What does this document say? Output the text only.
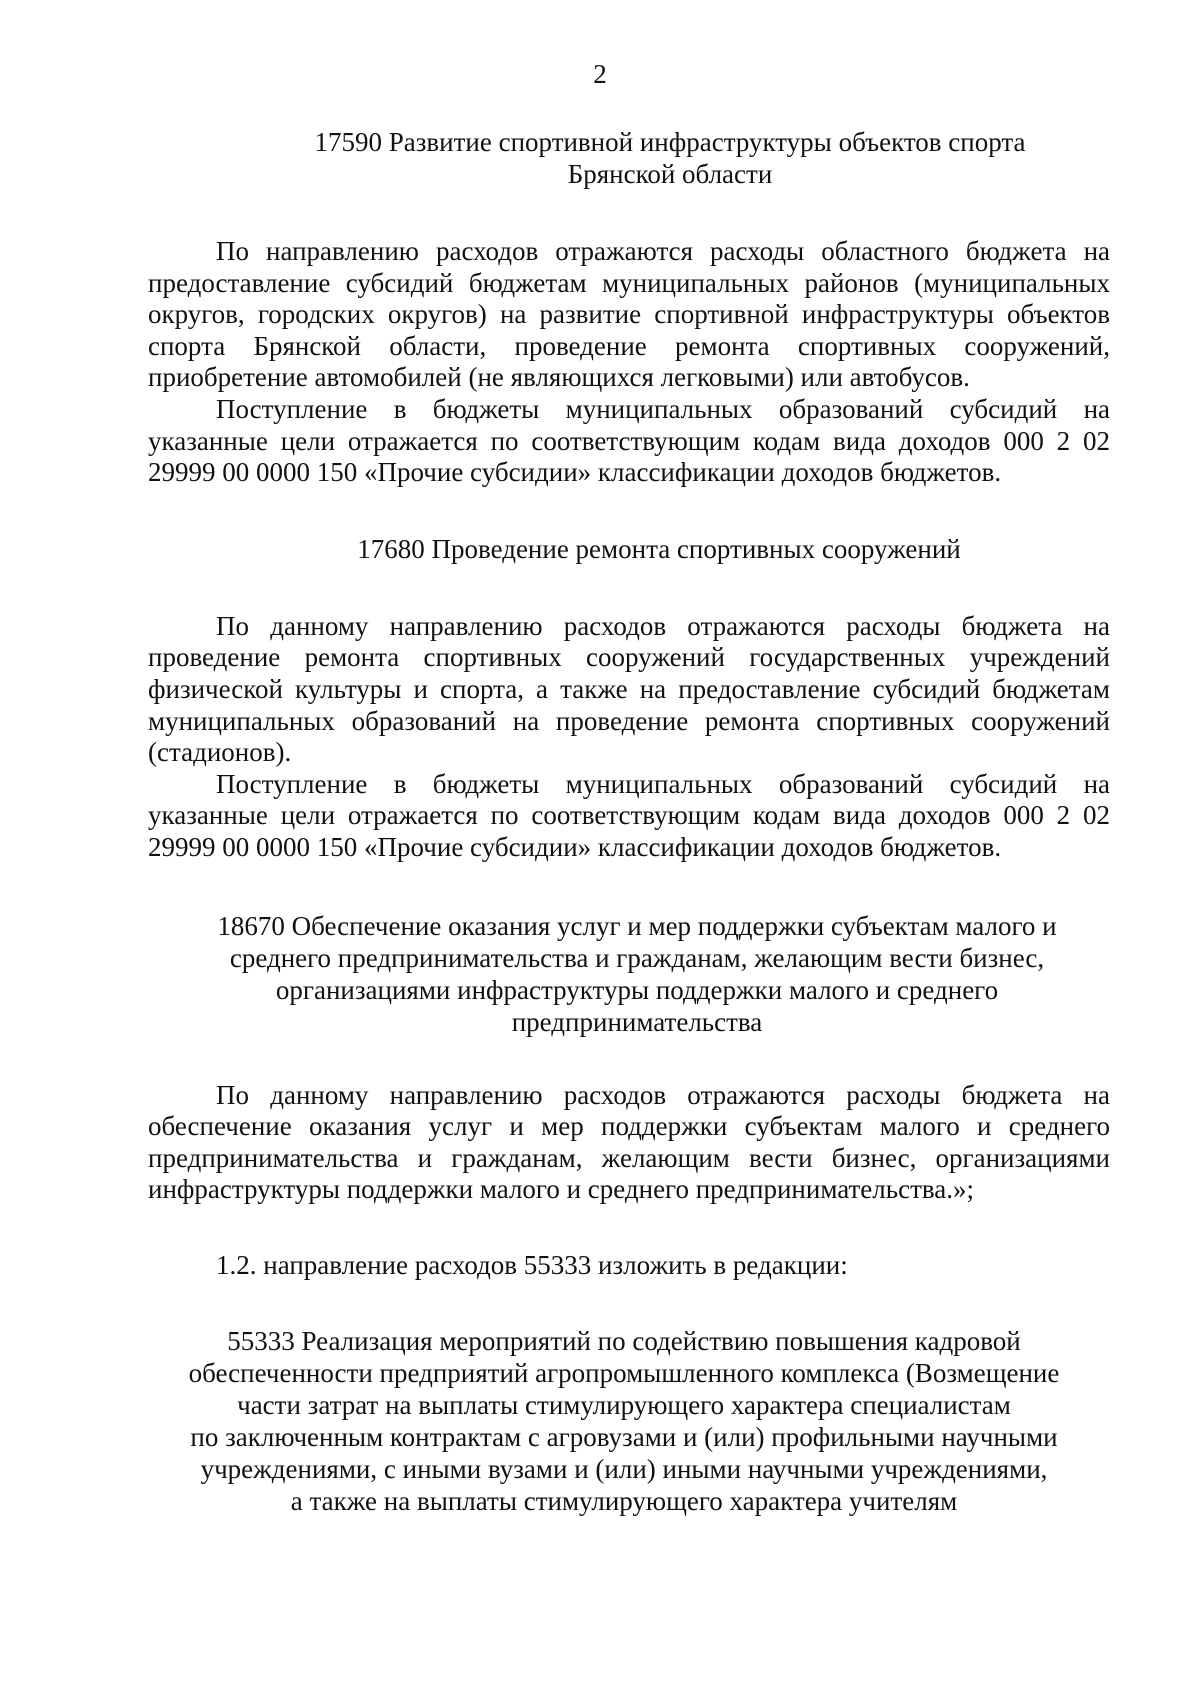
2

17590 Развитие спортивной инфраструктуры объектов спорта
Брянской области

По направлению расходов отражаются расходы областного бюджета на предоставление субсидий бюджетам муниципальных районов (муниципальных округов, городских округов) на развитие спортивной инфраструктуры объектов спорта Брянской области, проведение ремонта спортивных сооружений, приобретение автомобилей (не являющихся легковыми) или автобусов.

Поступление в бюджеты муниципальных образований субсидий на указанные цели отражается по соответствующим кодам вида доходов 000 2 02 29999 00 0000 150 «Прочие субсидии» классификации доходов бюджетов.

17680 Проведение ремонта спортивных сооружений

По данному направлению расходов отражаются расходы бюджета на проведение ремонта спортивных сооружений государственных учреждений физической культуры и спорта, а также на предоставление субсидий бюджетам муниципальных образований на проведение ремонта спортивных сооружений (стадионов).

Поступление в бюджеты муниципальных образований субсидий на указанные цели отражается по соответствующим кодам вида доходов 000 2 02 29999 00 0000 150 «Прочие субсидии» классификации доходов бюджетов.

18670 Обеспечение оказания услуг и мер поддержки субъектам малого и
среднего предпринимательства и гражданам, желающим вести бизнес,
организациями инфраструктуры поддержки малого и среднего
предпринимательства

По данному направлению расходов отражаются расходы бюджета на обеспечение оказания услуг и мер поддержки субъектам малого и среднего предпринимательства и гражданам, желающим вести бизнес, организациями инфраструктуры поддержки малого и среднего предпринимательства.»;

1.2. направление расходов 55333 изложить в редакции:

55333 Реализация мероприятий по содействию повышения кадровой
обеспеченности предприятий агропромышленного комплекса (Возмещение
части затрат на выплаты стимулирующего характера специалистам
по заключенным контрактам с агровузами и (или) профильными научными
учреждениями, с иными вузами и (или) иными научными учреждениями,
а также на выплаты стимулирующего характера учителям
